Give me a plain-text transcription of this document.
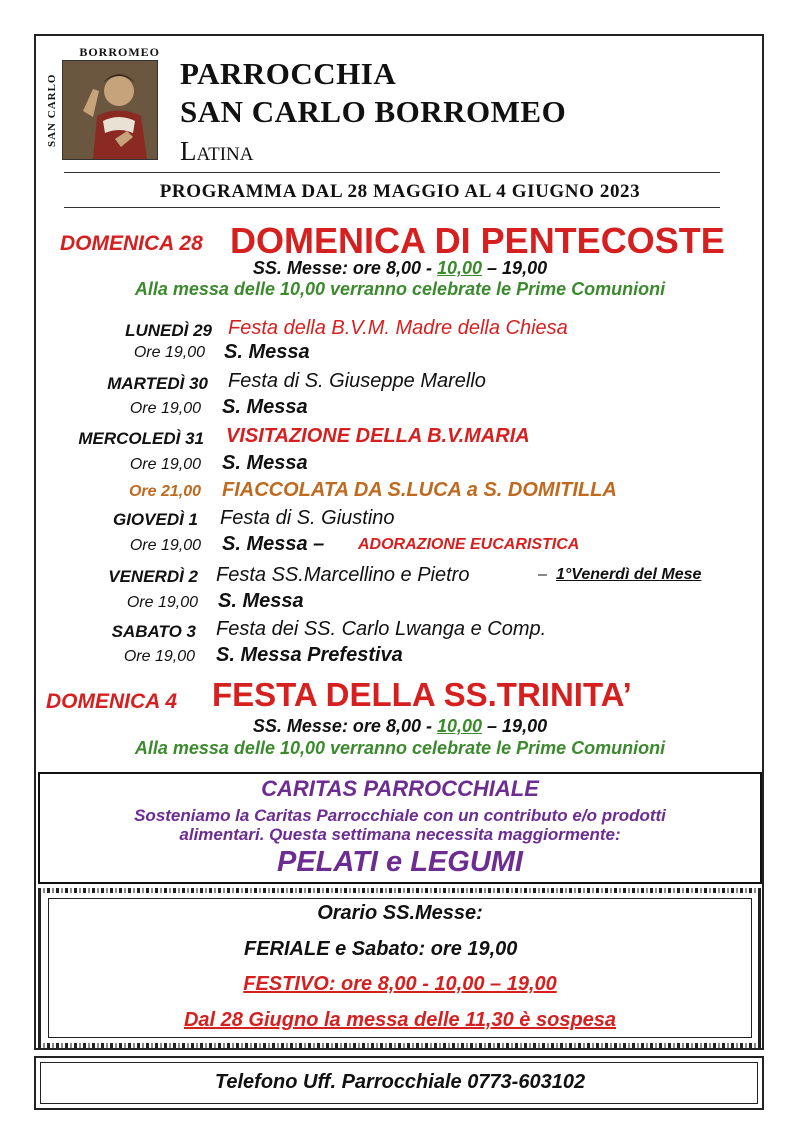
BORROMEO
SAN CARLO	PARROCCHIA
SAN CARLO BORROMEO
Latina
PROGRAMMA DAL 28 MAGGIO AL 4 GIUGNO 2023
DOMENICA 28 DOMENICA DI PENTECOSTE
SS. Messe: ore 8,00 - 10,00 – 19,00
Alla messa delle 10,00 verranno celebrate le Prime Comunioni
LUNEDÌ 29 Festa della B.V.M. Madre della Chiesa
Ore 19,00 S. Messa
MARTEDÌ 30 Festa di S. Giuseppe Marello
Ore 19,00 S. Messa
MERCOLEDÌ 31 VISITAZIONE DELLA B.V.MARIA
Ore 19,00 S. Messa
Ore 21,00 FIACCOLATA DA S.LUCA a S. DOMITILLA
GIOVEDÌ 1 Festa di S. Giustino
Ore 19,00 S. Messa – ADORAZIONE EUCARISTICA
VENERDÌ 2 Festa SS.Marcellino e Pietro	– 1°Venerdì del Mese
Ore 19,00 S. Messa
SABATO 3 Festa dei SS. Carlo Lwanga e Comp.
Ore 19,00 S. Messa Prefestiva
DOMENICA 4 FESTA DELLA SS.TRINITA’
SS. Messe: ore 8,00 - 10,00 – 19,00
Alla messa delle 10,00 verranno celebrate le Prime Comunioni
CARITAS PARROCCHIALE
Sosteniamo la Caritas Parrocchiale con un contributo e/o prodotti
alimentari. Questa settimana necessita maggiormente:
PELATI e LEGUMI
Orario SS.Messe:
FERIALE e Sabato: ore 19,00
FESTIVO: ore 8,00 - 10,00 – 19,00
Dal 28 Giugno la messa delle 11,30 è sospesa
Telefono Uff. Parrocchiale 0773-603102
